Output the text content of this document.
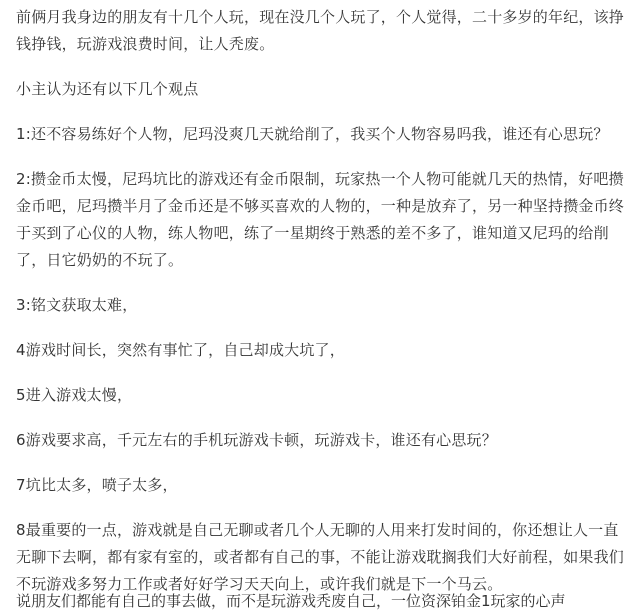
前俩月我身边的朋友有十几个人玩，现在没几个人玩了，个人觉得，二十多岁的年纪，该挣钱挣钱，玩游戏浪费时间，让人秃废。

小主认为还有以下几个观点

1:还不容易练好个人物，尼玛没爽几天就给削了，我买个人物容易吗我，谁还有心思玩？

2:攒金币太慢，尼玛坑比的游戏还有金币限制，玩家热一个人物可能就几天的热情，好吧攒金币吧，尼玛攒半月了金币还是不够买喜欢的人物的，一种是放弃了，另一种坚持攒金币终于买到了心仪的人物，练人物吧，练了一星期终于熟悉的差不多了，谁知道又尼玛的给削了，日它奶奶的不玩了。

3:铭文获取太难，

4游戏时间长，突然有事忙了，自己却成大坑了，

5进入游戏太慢，

6游戏要求高，千元左右的手机玩游戏卡顿，玩游戏卡，谁还有心思玩？

7坑比太多，喷子太多，

8最重要的一点，游戏就是自己无聊或者几个人无聊的人用来打发时间的，你还想让人一直无聊下去啊，都有家有室的，或者都有自己的事，不能让游戏耽搁我们大好前程，如果我们不玩游戏多努力工作或者好好学习天天向上，或许我们就是下一个马云。

说朋友们都能有自己的事去做，而不是玩游戏秃废自己，一位资深铂金1玩家的心声
